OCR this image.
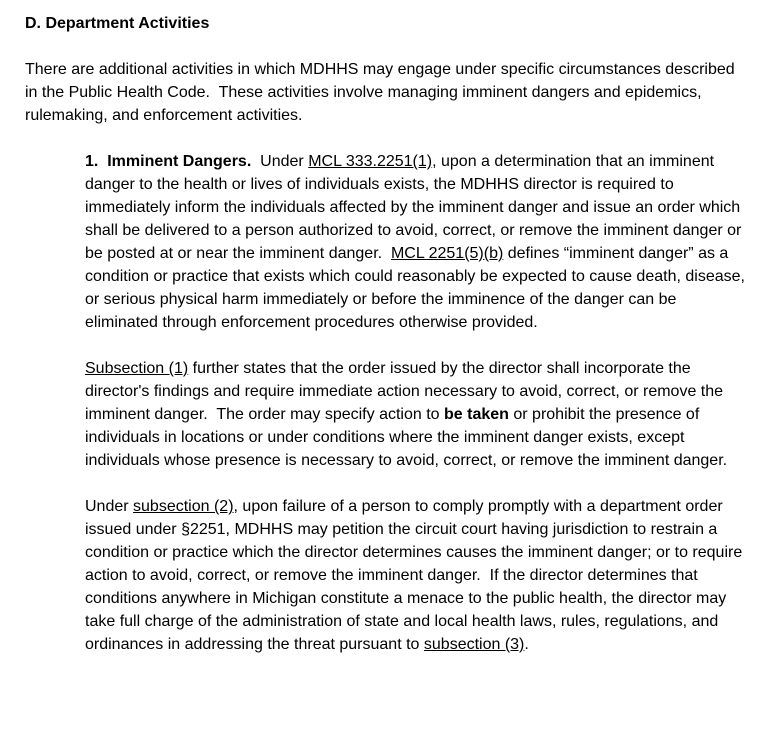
D. Department Activities

There are additional activities in which MDHHS may engage under specific circumstances described in the Public Health Code.  These activities involve managing imminent dangers and epidemics, rulemaking, and enforcement activities.

1.  Imminent Dangers.  Under MCL 333.2251(1), upon a determination that an imminent danger to the health or lives of individuals exists, the MDHHS director is required to immediately inform the individuals affected by the imminent danger and issue an order which shall be delivered to a person authorized to avoid, correct, or remove the imminent danger or be posted at or near the imminent danger.  MCL 2251(5)(b) defines “imminent danger” as a condition or practice that exists which could reasonably be expected to cause death, disease, or serious physical harm immediately or before the imminence of the danger can be eliminated through enforcement procedures otherwise provided.

Subsection (1) further states that the order issued by the director shall incorporate the director's findings and require immediate action necessary to avoid, correct, or remove the imminent danger.  The order may specify action to be taken or prohibit the presence of individuals in locations or under conditions where the imminent danger exists, except individuals whose presence is necessary to avoid, correct, or remove the imminent danger.

Under subsection (2), upon failure of a person to comply promptly with a department order issued under §2251, MDHHS may petition the circuit court having jurisdiction to restrain a condition or practice which the director determines causes the imminent danger; or to require action to avoid, correct, or remove the imminent danger.  If the director determines that conditions anywhere in Michigan constitute a menace to the public health, the director may take full charge of the administration of state and local health laws, rules, regulations, and ordinances in addressing the threat pursuant to subsection (3).
